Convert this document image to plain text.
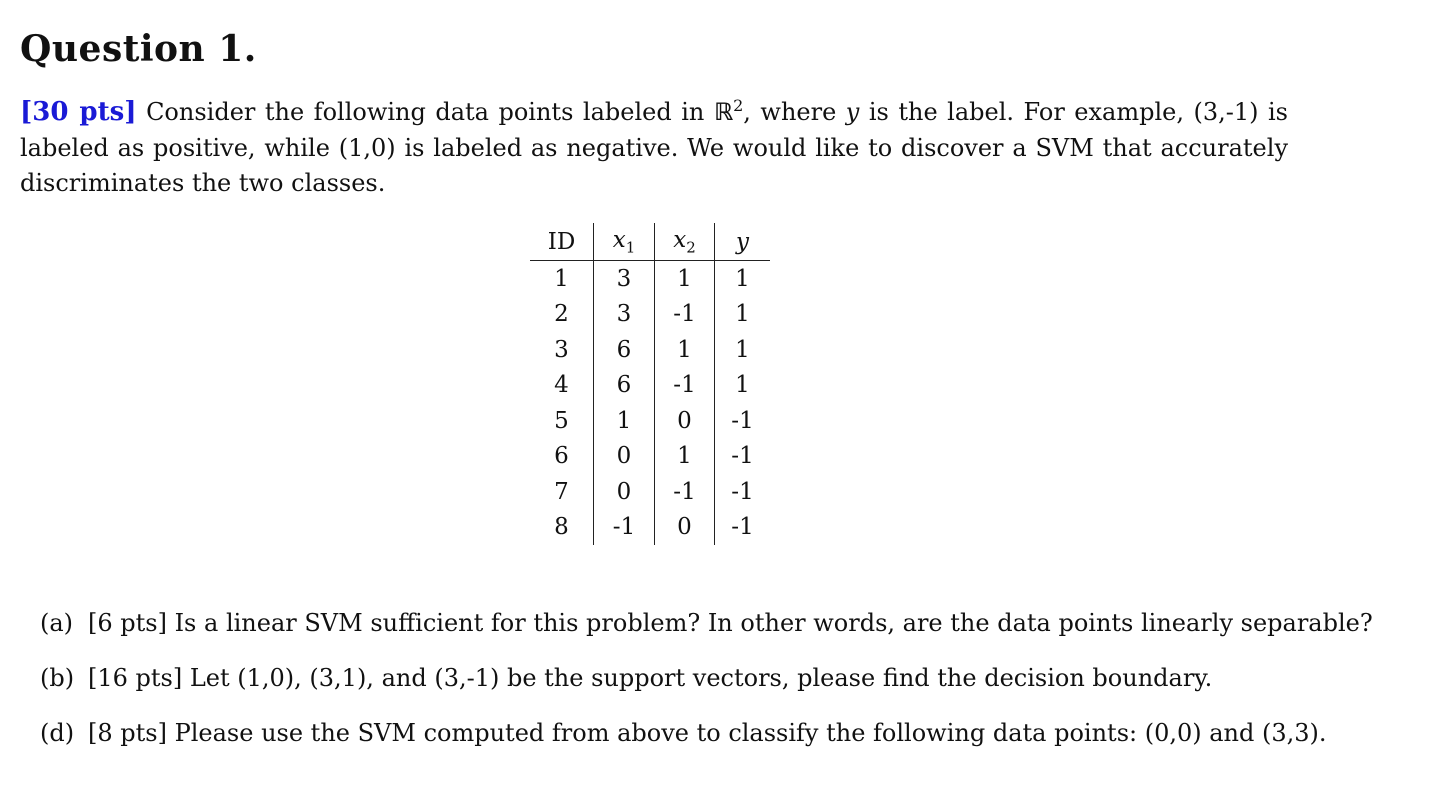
Question 1.
[30 pts] Consider the following data points labeled in ℝ$^2$, where y is the label. For example, (3,-1) is labeled as positive, while (1,0) is labeled as negative. We would like to discover a SVM that accurately discriminates the two classes.
ID	$x_1$	$x_2$	y
1	3	1	1
2	3	-1	1
3	6	1	1
4	6	-1	1
5	1	0	-1
6	0	1	-1
7	0	-1	-1
8	-1	0	-1
(a) [6 pts] Is a linear SVM sufficient for this problem? In other words, are the data points linearly separable?
(b) [16 pts] Let (1,0), (3,1), and (3,-1) be the support vectors, please find the decision boundary.
(d) [8 pts] Please use the SVM computed from above to classify the following data points: (0,0) and (3,3).
